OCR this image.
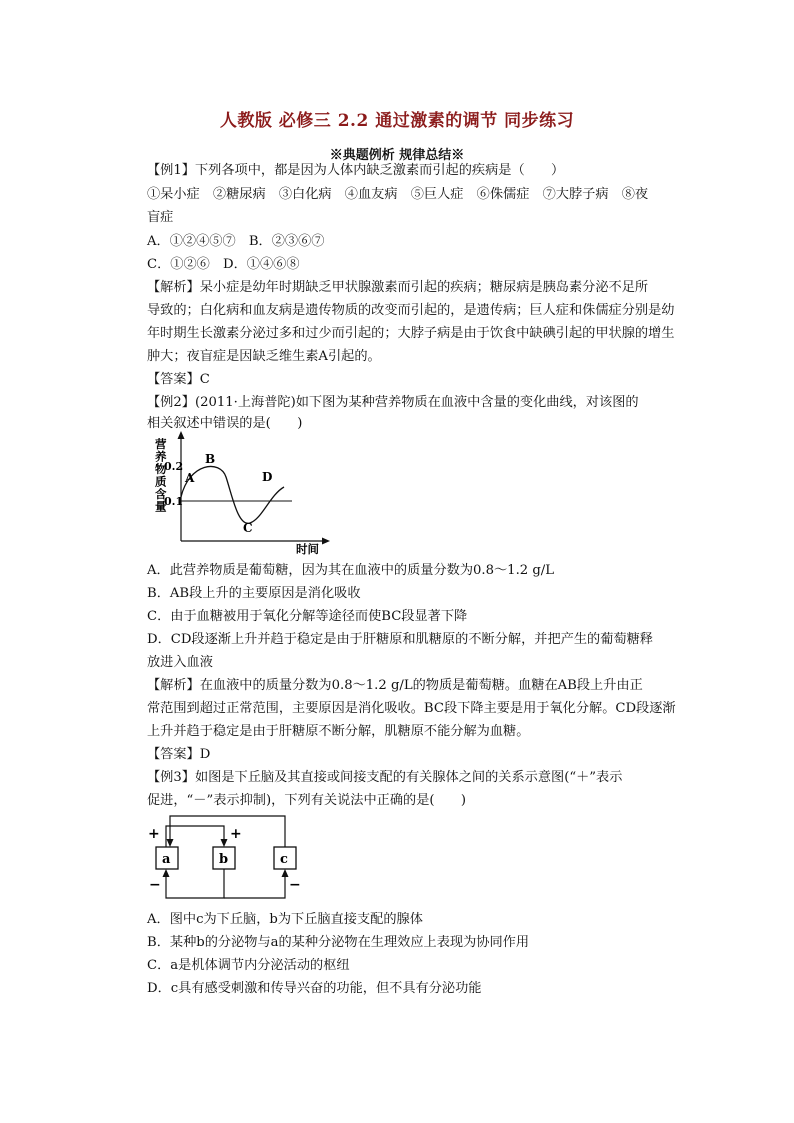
人教版 必修三 2.2 通过激素的调节 同步练习
※典题例析 规律总结※
【例1】下列各项中，都是因为人体内缺乏激素而引起的疾病是（　　）
①呆小症　②糖尿病　③白化病　④血友病　⑤巨人症　⑥侏儒症　⑦大脖子病　⑧夜
盲症
A．①②④⑤⑦　B．②③⑥⑦
C．①②⑥　D．①④⑥⑧
【解析】呆小症是幼年时期缺乏甲状腺激素而引起的疾病；糖尿病是胰岛素分泌不足所
导致的；白化病和血友病是遗传物质的改变而引起的，是遗传病；巨人症和侏儒症分别是幼
年时期生长激素分泌过多和过少而引起的；大脖子病是由于饮食中缺碘引起的甲状腺的增生
肿大；夜盲症是因缺乏维生素A引起的。
【答案】C
【例2】(2011·上海普陀)如下图为某种营养物质在血液中含量的变化曲线，对该图的
相关叙述中错误的是(　　)
营养物质含量
0.2
0.1
A
B
C
D
时间
A．此营养物质是葡萄糖，因为其在血液中的质量分数为0.8～1.2 g/L
B．AB段上升的主要原因是消化吸收
C．由于血糖被用于氧化分解等途径而使BC段显著下降
D．CD段逐渐上升并趋于稳定是由于肝糖原和肌糖原的不断分解，并把产生的葡萄糖释
放进入血液
【解析】在血液中的质量分数为0.8～1.2 g/L的物质是葡萄糖。血糖在AB段上升由正
常范围到超过正常范围，主要原因是消化吸收。BC段下降主要是用于氧化分解。CD段逐渐
上升并趋于稳定是由于肝糖原不断分解，肌糖原不能分解为血糖。
【答案】D
【例3】如图是下丘脑及其直接或间接支配的有关腺体之间的关系示意图(“＋”表示
促进，“－”表示抑制)，下列有关说法中正确的是(　　)
a	b	c
+	+
−	−
A．图中c为下丘脑，b为下丘脑直接支配的腺体
B．某种b的分泌物与a的某种分泌物在生理效应上表现为协同作用
C．a是机体调节内分泌活动的枢纽
D．c具有感受刺激和传导兴奋的功能，但不具有分泌功能
